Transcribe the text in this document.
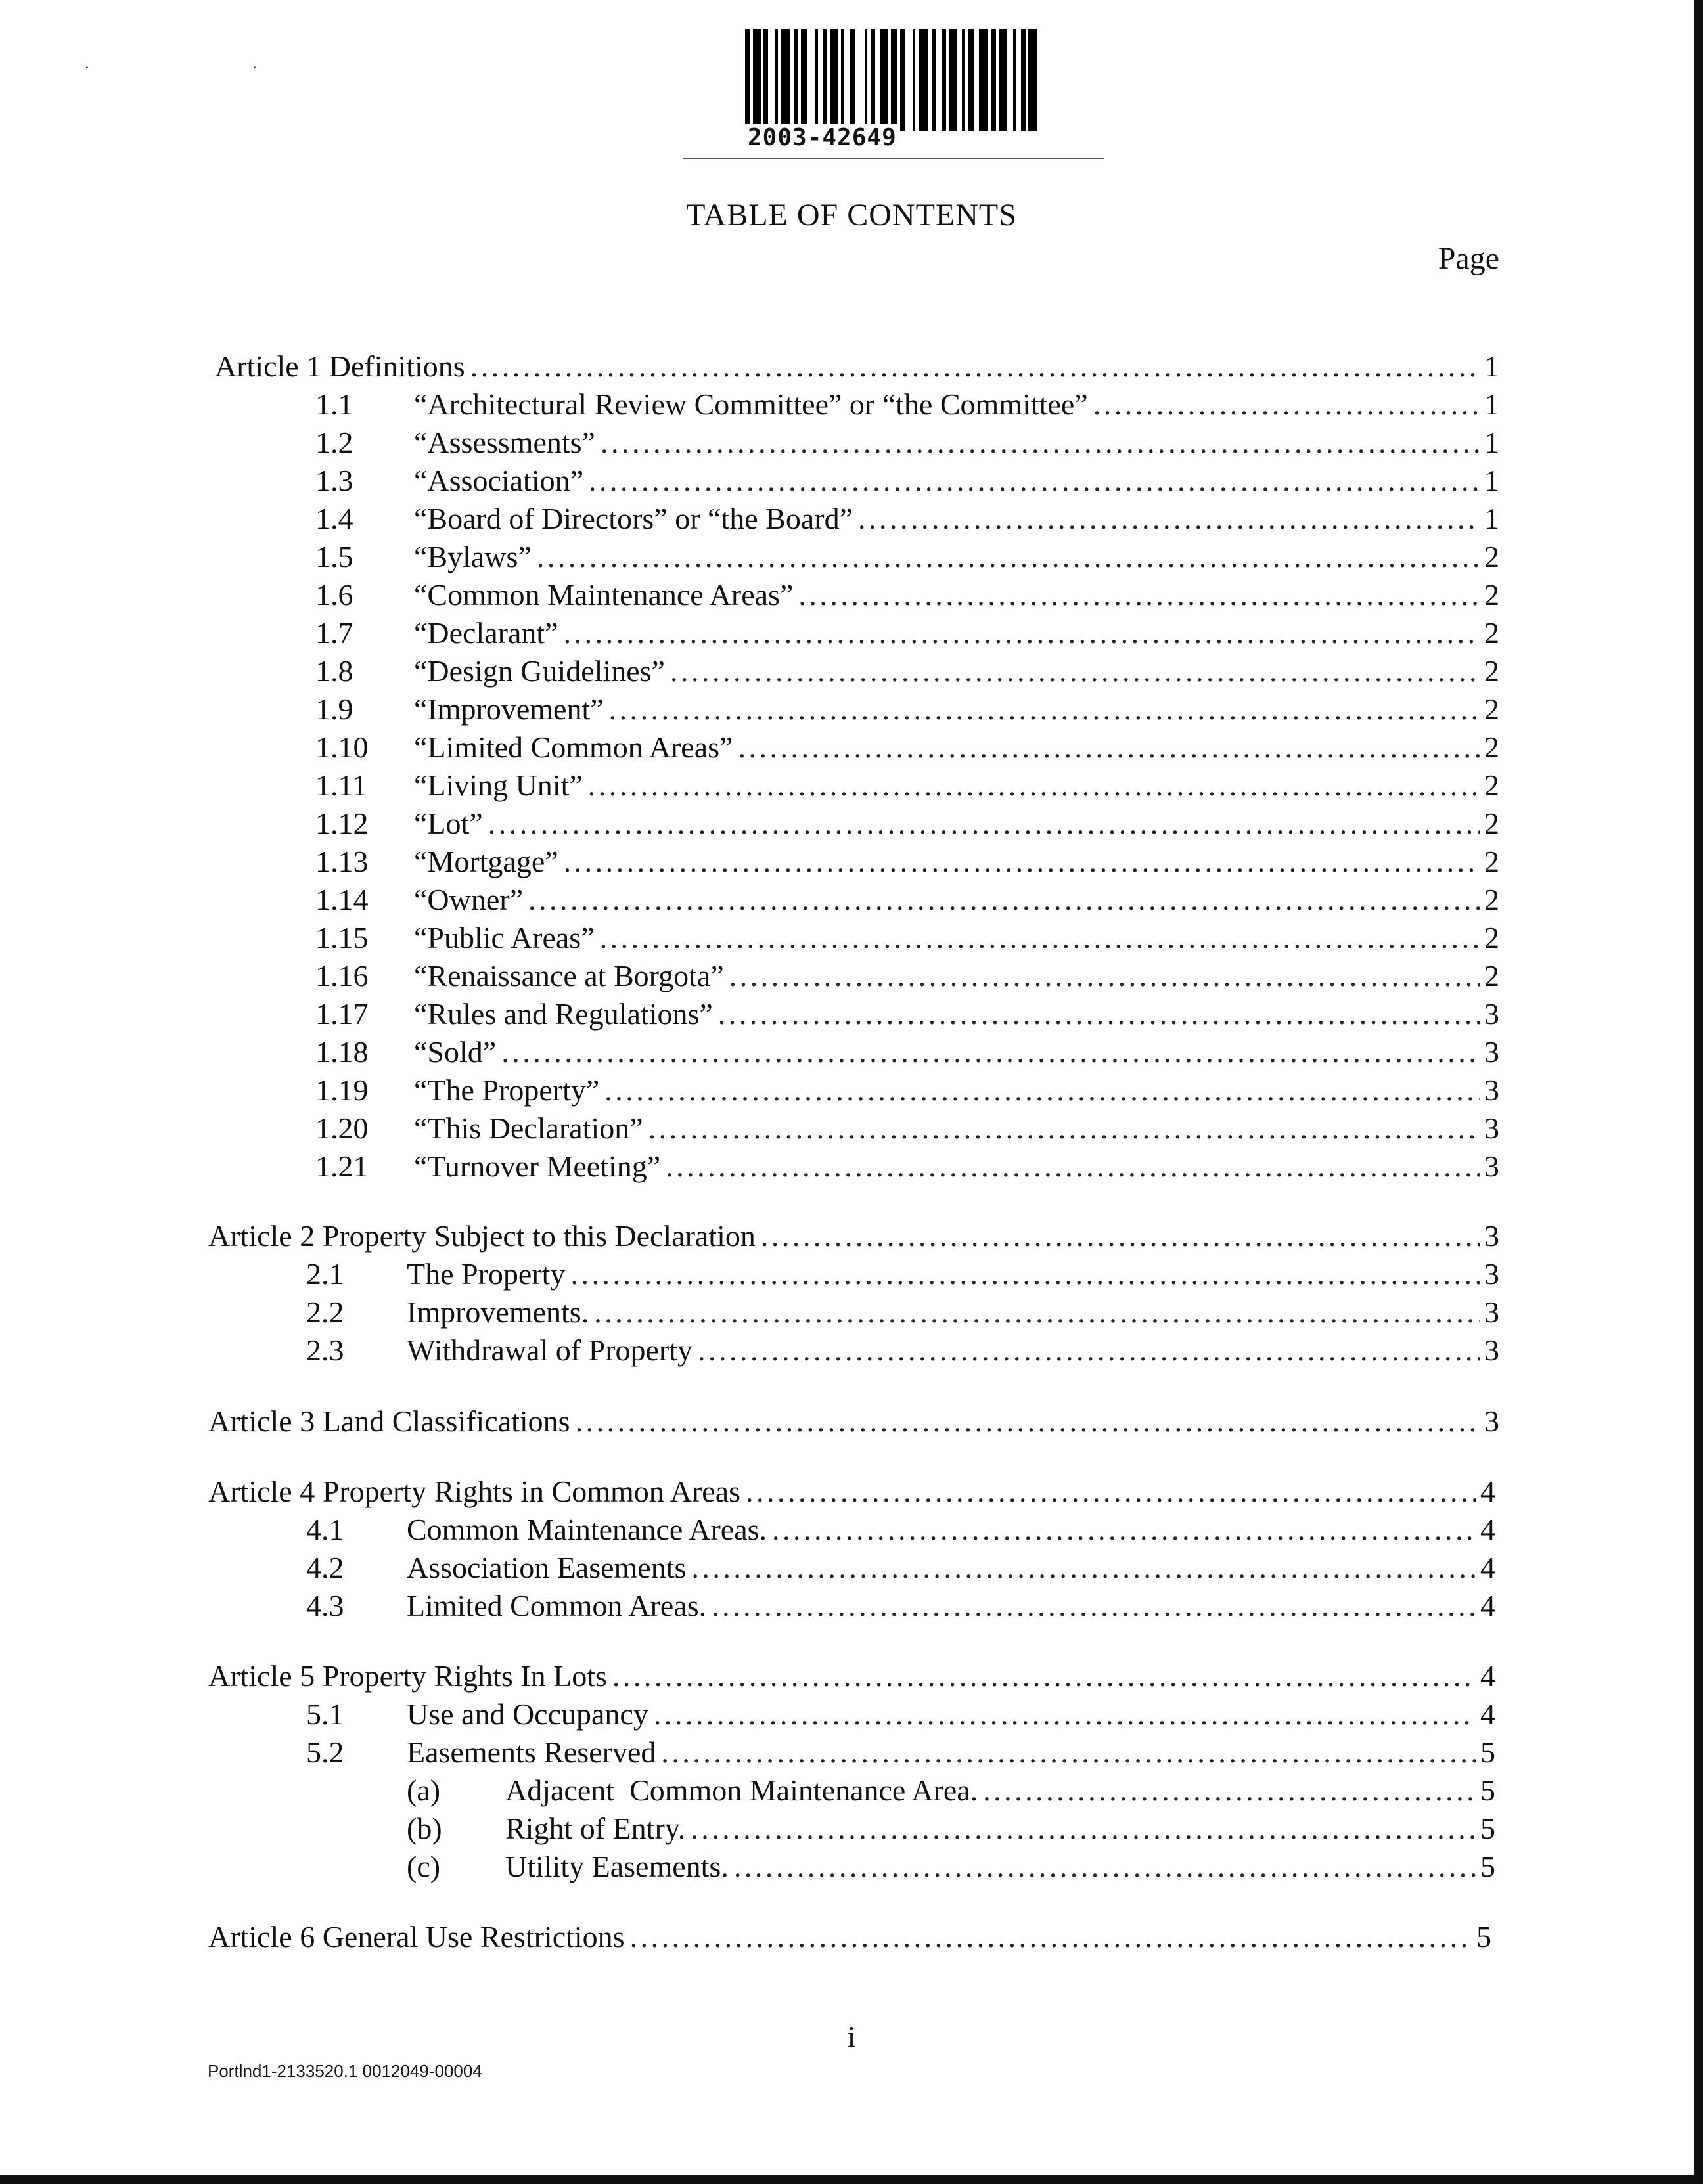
˙ ˙
2003-42649
TABLE OF CONTENTS
Page
Article 1 Definitions .....	1
1.1	“Architectural Review Committee” or “the Committee” .....	1
1.2	“Assessments” .....	1
1.3	“Association” .....	1
1.4	“Board of Directors” or “the Board” .....	1
1.5	“Bylaws” .....	2
1.6	“Common Maintenance Areas” .....	2
1.7	“Declarant” .....	2
1.8	“Design Guidelines” .....	2
1.9	“Improvement” .....	2
1.10	“Limited Common Areas” .....	2
1.11	“Living Unit” .....	2
1.12	“Lot” .....	2
1.13	“Mortgage” .....	2
1.14	“Owner” .....	2
1.15	“Public Areas” .....	2
1.16	“Renaissance at Borgota” .....	2
1.17	“Rules and Regulations” .....	3
1.18	“Sold” .....	3
1.19	“The Property” .....	3
1.20	“This Declaration” .....	3
1.21	“Turnover Meeting” .....	3
Article 2 Property Subject to this Declaration .....	3
2.1	The Property .....	3
2.2	Improvements. .....	3
2.3	Withdrawal of Property .....	3
Article 3 Land Classifications .....	3
Article 4 Property Rights in Common Areas .....	4
4.1	Common Maintenance Areas. .....	4
4.2	Association Easements .....	4
4.3	Limited Common Areas. .....	4
Article 5 Property Rights In Lots .....	4
5.1	Use and Occupancy .....	4
5.2	Easements Reserved .....	5
(a)	Adjacent  Common Maintenance Area. .....	5
(b)	Right of Entry. .....	5
(c)	Utility Easements. .....	5
Article 6 General Use Restrictions .....	5
i
Portlnd1-2133520.1 0012049-00004
